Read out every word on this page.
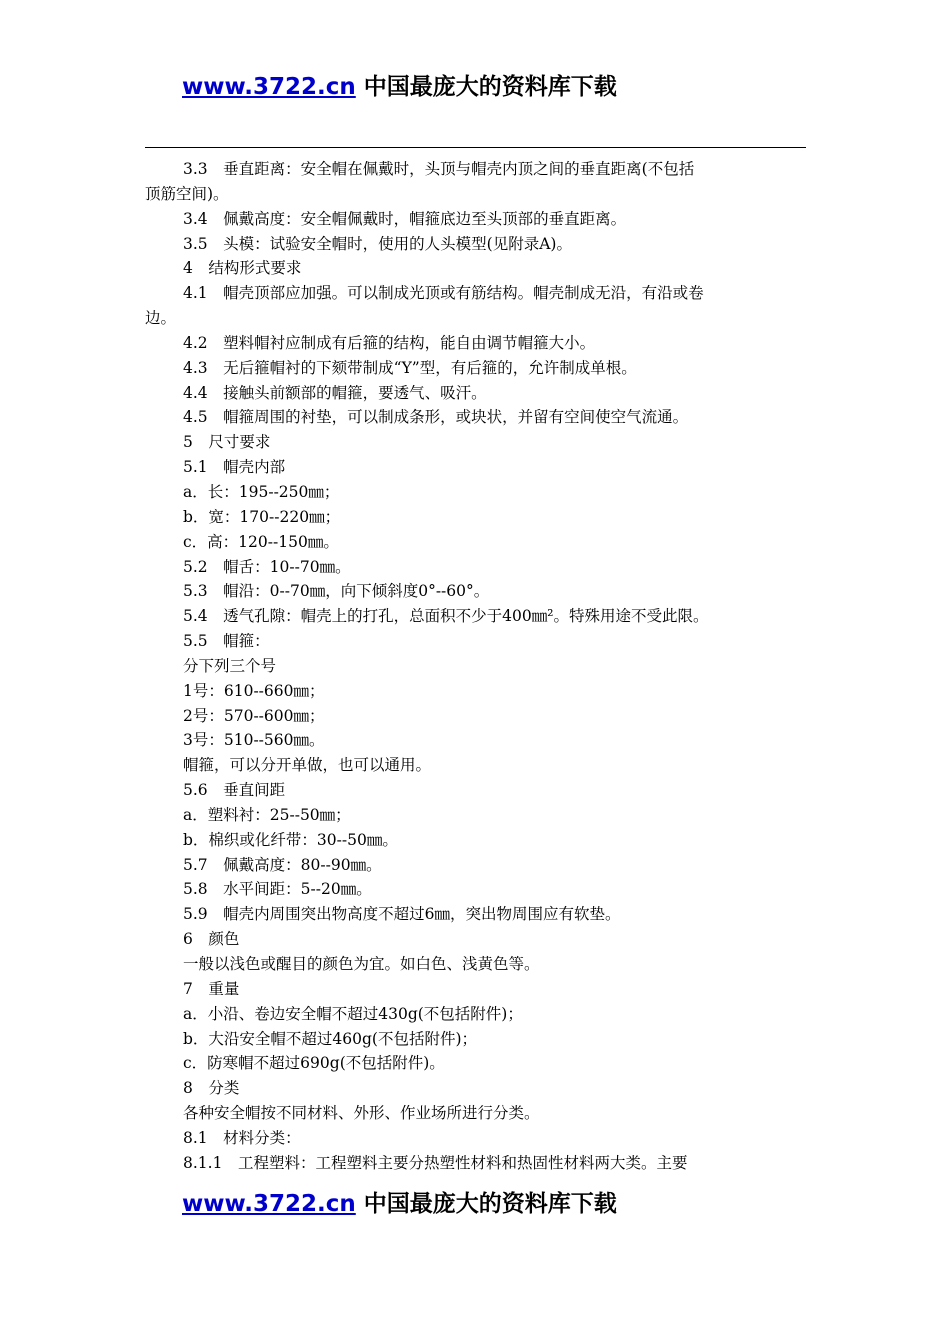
www.3722.cn 中国最庞大的资料库下载
3.3　垂直距离：安全帽在佩戴时，头顶与帽壳内顶之间的垂直距离(不包括
顶筋空间)。
3.4　佩戴高度：安全帽佩戴时，帽箍底边至头顶部的垂直距离。
3.5　头模：试验安全帽时，使用的人头模型(见附录A)。
4　结构形式要求
4.1　帽壳顶部应加强。可以制成光顶或有筋结构。帽壳制成无沿，有沿或卷
边。
4.2　塑料帽衬应制成有后箍的结构，能自由调节帽箍大小。
4.3　无后箍帽衬的下颏带制成“Y”型，有后箍的，允许制成单根。
4.4　接触头前额部的帽箍，要透气、吸汗。
4.5　帽箍周围的衬垫，可以制成条形，或块状，并留有空间使空气流通。
5　尺寸要求
5.1　帽壳内部
a．长：195--250㎜；
b．宽：170--220㎜；
c．高：120--150㎜。
5.2　帽舌：10--70㎜。
5.3　帽沿：0--70㎜，向下倾斜度0°--60°。
5.4　透气孔隙：帽壳上的打孔，总面积不少于400㎜²。特殊用途不受此限。
5.5　帽箍：
分下列三个号
1号：610--660㎜；
2号：570--600㎜；
3号：510--560㎜。
帽箍，可以分开单做，也可以通用。
5.6　垂直间距
a．塑料衬：25--50㎜；
b．棉织或化纤带：30--50㎜。
5.7　佩戴高度：80--90㎜。
5.8　水平间距：5--20㎜。
5.9　帽壳内周围突出物高度不超过6㎜，突出物周围应有软垫。
6　颜色
一般以浅色或醒目的颜色为宜。如白色、浅黄色等。
7　重量
a．小沿、卷边安全帽不超过430g(不包括附件)；
b．大沿安全帽不超过460g(不包括附件)；
c．防寒帽不超过690g(不包括附件)。
8　分类
各种安全帽按不同材料、外形、作业场所进行分类。
8.1　材料分类：
8.1.1　工程塑料：工程塑料主要分热塑性材料和热固性材料两大类。主要
www.3722.cn 中国最庞大的资料库下载
